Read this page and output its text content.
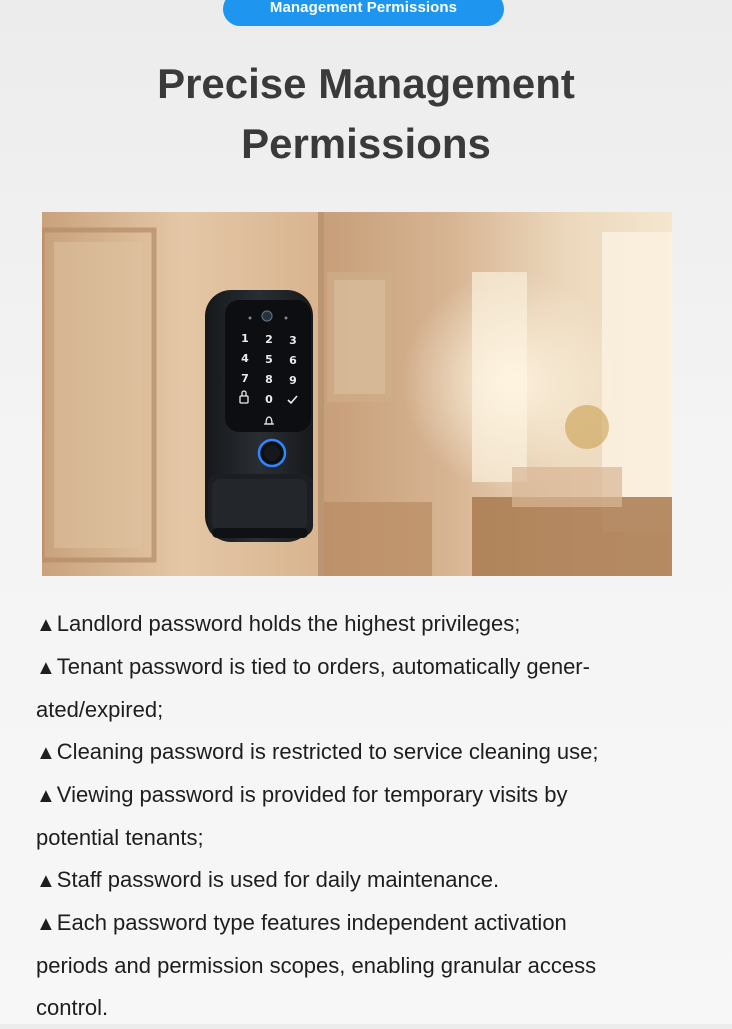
Management Permissions
Precise Management
Permissions
1 2 3
4 5 6
7 8 9
0
▲Landlord password holds the highest privileges;
▲Tenant password is tied to orders, automatically gener-
ated/expired;
▲Cleaning password is restricted to service cleaning use;
▲Viewing password is provided for temporary visits by
potential tenants;
▲Staff password is used for daily maintenance.
▲Each password type features independent activation
periods and permission scopes, enabling granular access
control.
